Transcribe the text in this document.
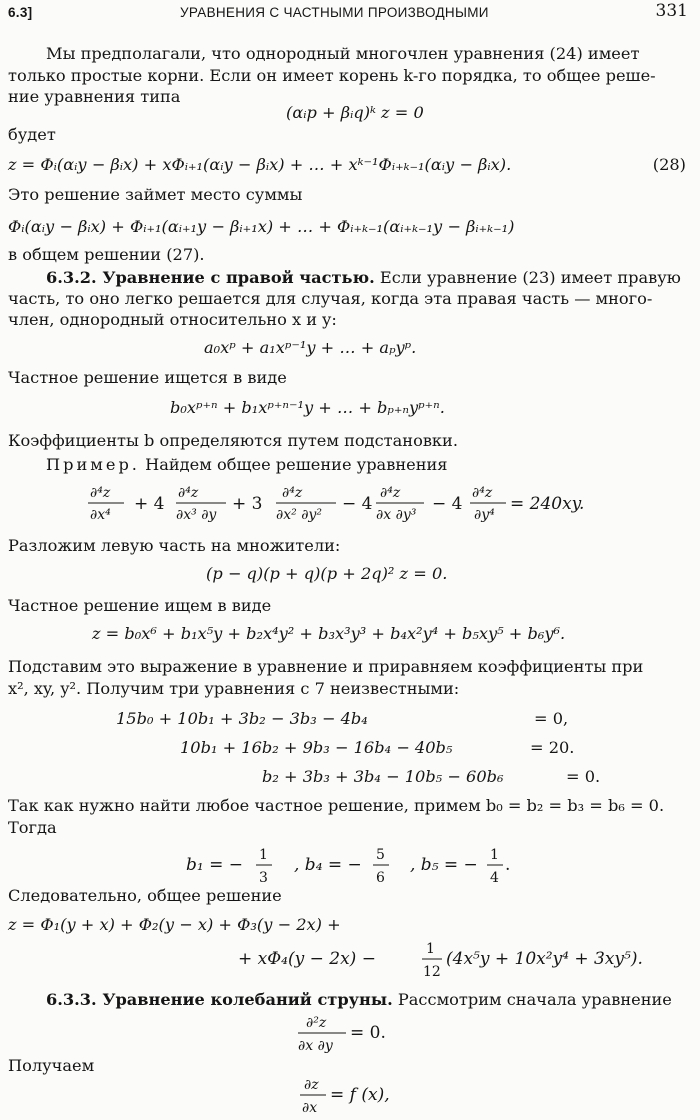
6.3]	УРАВНЕНИЯ С ЧАСТНЫМИ ПРОИЗВОДНЫМИ	331
Мы предполагали, что однородный многочлен уравнения (24) имеет
только простые корни. Если он имеет корень k-го порядка, то общее реше-
ние уравнения типа
(αᵢp + βᵢq)ᵏ z = 0
будет
z = Φᵢ(αᵢy − βᵢx) + xΦᵢ₊₁(αᵢy − βᵢx) + … + xᵏ⁻¹Φᵢ₊ₖ₋₁(αᵢy − βᵢx).	(28)
Это решение займет место суммы
Φᵢ(αᵢy − βᵢx) + Φᵢ₊₁(αᵢ₊₁y − βᵢ₊₁x) + … + Φᵢ₊ₖ₋₁(αᵢ₊ₖ₋₁y − βᵢ₊ₖ₋₁)
в общем решении (27).
6.3.2. Уравнение с правой частью. Если уравнение (23) имеет правую
часть, то оно легко решается для случая, когда эта правая часть — много-
член, однородный относительно x и y:
a₀xᵖ + a₁xᵖ⁻¹y + … + aₚyᵖ.
Частное решение ищется в виде
b₀xᵖ⁺ⁿ + b₁xᵖ⁺ⁿ⁻¹y + … + bₚ₊ₙyᵖ⁺ⁿ.
Коэффициенты b определяются путем подстановки.
Пример. Найдем общее решение уравнения
∂⁴z
∂x⁴
+ 4
∂⁴z
∂x³ ∂y
+ 3
∂⁴z
∂x² ∂y²
− 4
∂⁴z
∂x ∂y³
− 4
∂⁴z
∂y⁴
= 240xy.
Разложим левую часть на множители:
(p − q)(p + q)(p + 2q)² z = 0.
Частное решение ищем в виде
z = b₀x⁶ + b₁x⁵y + b₂x⁴y² + b₃x³y³ + b₄x²y⁴ + b₅xy⁵ + b₆y⁶.
Подставим это выражение в уравнение и приравняем коэффициенты при
x², xy, y². Получим три уравнения с 7 неизвестными:
15b₀ + 10b₁ + 3b₂ − 3b₃ − 4b₄	= 0,
10b₁ + 16b₂ + 9b₃ − 16b₄ − 40b₅	= 20.
b₂ + 3b₃ + 3b₄ − 10b₅ − 60b₆	= 0.
Так как нужно найти любое частное решение, примем b₀ = b₂ = b₃ = b₆ = 0.
Тогда
b₁ = − 1
3
, b₄ = − 5
6
, b₅ = − 1
4
.
Следовательно, общее решение
z = Φ₁(y + x) + Φ₂(y − x) + Φ₃(y − 2x) +
+ xΦ₄(y − 2x) −	1
12
(4x⁵y + 10x²y⁴ + 3xy⁵).
6.3.3. Уравнение колебаний струны. Рассмотрим сначала уравнение
∂²z
∂x ∂y
= 0.
Получаем
∂z
∂x
= f (x),
